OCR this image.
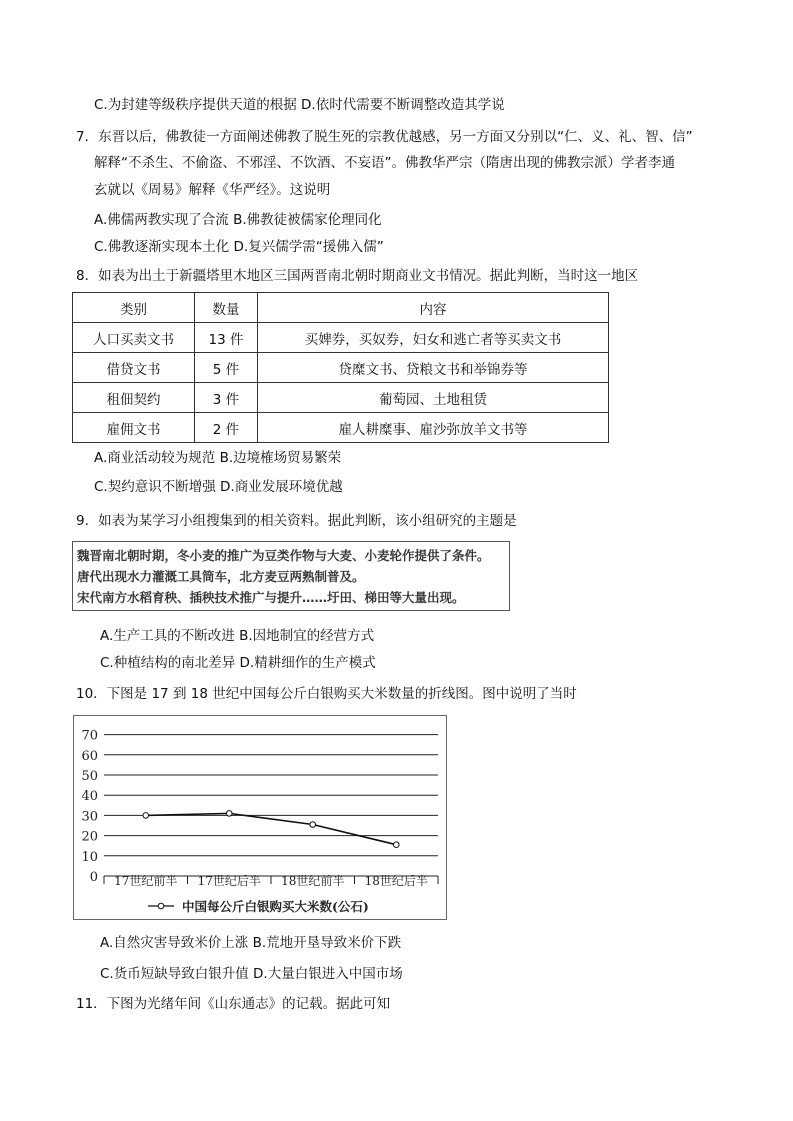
C.为封建等级秩序提供天道的根据 D.依时代需要不断调整改造其学说
7．东晋以后，佛教徒一方面阐述佛教了脱生死的宗教优越感，另一方面又分别以“仁、义、礼、智、信”
解释“不杀生、不偷盗、不邪淫、不饮酒、不妄语”。佛教华严宗（隋唐出现的佛教宗派）学者李通
玄就以《周易》解释《华严经》。这说明
A.佛儒两教实现了合流 B.佛教徒被儒家伦理同化
C.佛教逐渐实现本土化 D.复兴儒学需“援佛入儒”
8．如表为出土于新疆塔里木地区三国两晋南北朝时期商业文书情况。据此判断，当时这一地区
类别	数量	内容
人口买卖文书	13 件	买婢券，买奴券，妇女和逃亡者等买卖文书
借贷文书	5 件	贷糜文书、贷粮文书和举锦券等
租佃契约	3 件	葡萄园、土地租赁
雇佣文书	2 件	雇人耕糜事、雇沙弥放羊文书等
A.商业活动较为规范 B.边境榷场贸易繁荣
C.契约意识不断增强 D.商业发展环境优越
9．如表为某学习小组搜集到的相关资料。据此判断，该小组研究的主题是
魏晋南北朝时期，冬小麦的推广为豆类作物与大麦、小麦轮作提供了条件。
唐代出现水力灌溉工具筒车，北方麦豆两熟制普及。
宋代南方水稻育秧、插秧技术推广与提升……圩田、梯田等大量出现。
A.生产工具的不断改进 B.因地制宜的经营方式
C.种植结构的南北差异 D.精耕细作的生产模式
10．下图是 17 到 18 世纪中国每公斤白银购买大米数量的折线图。图中说明了当时
0
10
20
30
40
50
60
70
17世纪前半 17世纪后半 18世纪前半 18世纪后半
中国每公斤白银购买大米数(公石)
A.自然灾害导致米价上涨 B.荒地开垦导致米价下跌
C.货币短缺导致白银升值 D.大量白银进入中国市场
11．下图为光绪年间《山东通志》的记载。据此可知
